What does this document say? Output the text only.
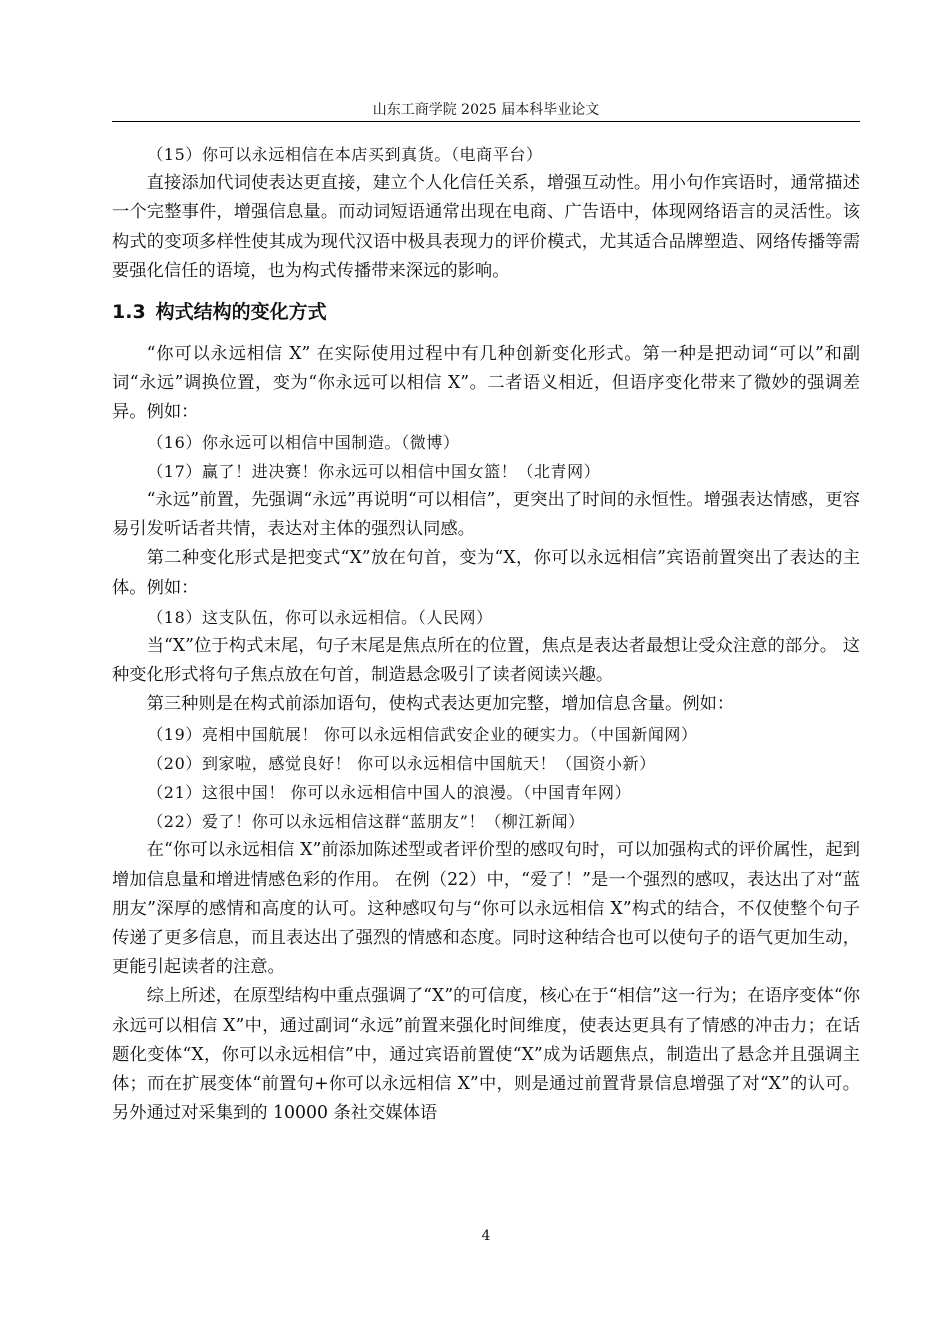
山东工商学院 2025 届本科毕业论文

（15）你可以永远相信在本店买到真货。（电商平台）

直接添加代词使表达更直接，建立个人化信任关系，增强互动性。用小句作宾语时，通常描述一个完整事件，增强信息量。而动词短语通常出现在电商、广告语中，体现网络语言的灵活性。该构式的变项多样性使其成为现代汉语中极具表现力的评价模式，尤其适合品牌塑造、网络传播等需要强化信任的语境，也为构式传播带来深远的影响。

1.3 构式结构的变化方式

“你可以永远相信 X” 在实际使用过程中有几种创新变化形式。第一种是把动词“可以”和副词“永远”调换位置，变为“你永远可以相信 X”。二者语义相近，但语序变化带来了微妙的强调差异。例如：

（16）你永远可以相信中国制造。（微博）

（17）赢了！进决赛！你永远可以相信中国女篮！（北青网）

“永远”前置，先强调“永远”再说明“可以相信”，更突出了时间的永恒性。增强表达情感，更容易引发听话者共情，表达对主体的强烈认同感。

第二种变化形式是把变式“X”放在句首，变为“X，你可以永远相信”宾语前置突出了表达的主体。例如：

（18）这支队伍，你可以永远相信。（人民网）

当“X”位于构式末尾，句子末尾是焦点所在的位置，焦点是表达者最想让受众注意的部分。 这种变化形式将句子焦点放在句首，制造悬念吸引了读者阅读兴趣。

第三种则是在构式前添加语句，使构式表达更加完整，增加信息含量。例如：

（19）亮相中国航展！ 你可以永远相信武安企业的硬实力。（中国新闻网）

（20）到家啦，感觉良好！ 你可以永远相信中国航天！（国资小新）

（21）这很中国！ 你可以永远相信中国人的浪漫。（中国青年网）

（22）爱了！你可以永远相信这群“蓝朋友”！（柳江新闻）

在“你可以永远相信 X”前添加陈述型或者评价型的感叹句时，可以加强构式的评价属性，起到增加信息量和增进情感色彩的作用。 在例（22）中，“爱了！”是一个强烈的感叹，表达出了对“蓝朋友”深厚的感情和高度的认可。这种感叹句与“你可以永远相信 X”构式的结合，不仅使整个句子传递了更多信息，而且表达出了强烈的情感和态度。同时这种结合也可以使句子的语气更加生动，更能引起读者的注意。

综上所述，在原型结构中重点强调了“X”的可信度，核心在于“相信”这一行为；在语序变体“你永远可以相信 X”中，通过副词“永远”前置来强化时间维度，使表达更具有了情感的冲击力；在话题化变体“X，你可以永远相信”中，通过宾语前置使“X”成为话题焦点，制造出了悬念并且强调主体；而在扩展变体“前置句+你可以永远相信 X”中，则是通过前置背景信息增强了对“X”的认可。另外通过对采集到的 10000 条社交媒体语

4
